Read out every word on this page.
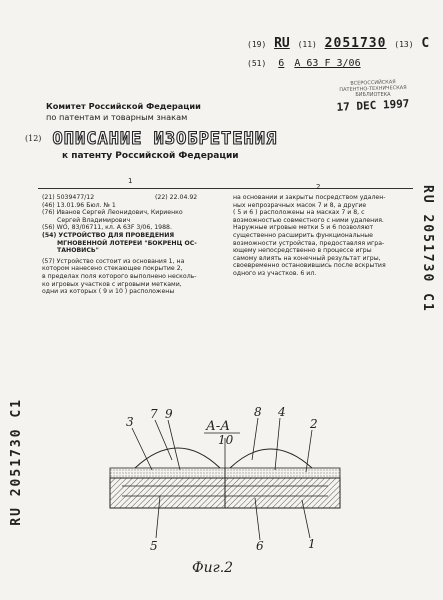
(19) RU (11) 2051730 (13) C
(51) 6 A 63 F 3/06
ВСЕРОССИЙСКАЯ
ПАТЕНТНО-ТЕХНИЧЕСКАЯ
БИБЛИОТЕКА
17 DEC 1997
Комитет Российской Федерации
по патентам и товарным знакам
(12) ОПИСАНИЕ ИЗОБРЕТЕНИЯ
к патенту Российской Федерации
1
2
(21) 5039477/12	(22) 22.04.92
(46) 13.01.96 Бюл. № 1
(76) Иванов Сергей Леонидович, Кириенко
Сергей Владимирович
(56) WO, 83/06711, кл. A 63F 3/06, 1988.
(54) УСТРОЙСТВО ДЛЯ ПРОВЕДЕНИЯ
МГНОВЕННОЙ ЛОТЕРЕИ "БОКРЕНЦ ОС-
ТАНОВИСЬ"
(57) Устройство состоит из основания 1, на
котором нанесено стекающее покрытие 2,
в пределах поля которого выполнено несколь-
ко игровых участков с игровыми метками,
одни из которых ( 9 и 10 ) расположены
на основании и закрыты посредством удален-
ных непрозрачных масок 7 и 8, а другие
( 5 и 6 ) расположены на масках 7 и 8, с
возможностью совместного с ними удаления.
Наружные игровые метки 5 и 6 позволяют
существенно расширить функциональные
возможности устройства, предоставляя игра-
ющему непосредственно в процессе игры
самому влиять на конечный результат игры,
своевременно остановившись после вскрытия
одного из участков. 6 ил.	RU 2051730 C1
RU 2051730 C1	А-А
3
7 9	8 4
10
2
5	6	1
Фиг.2
